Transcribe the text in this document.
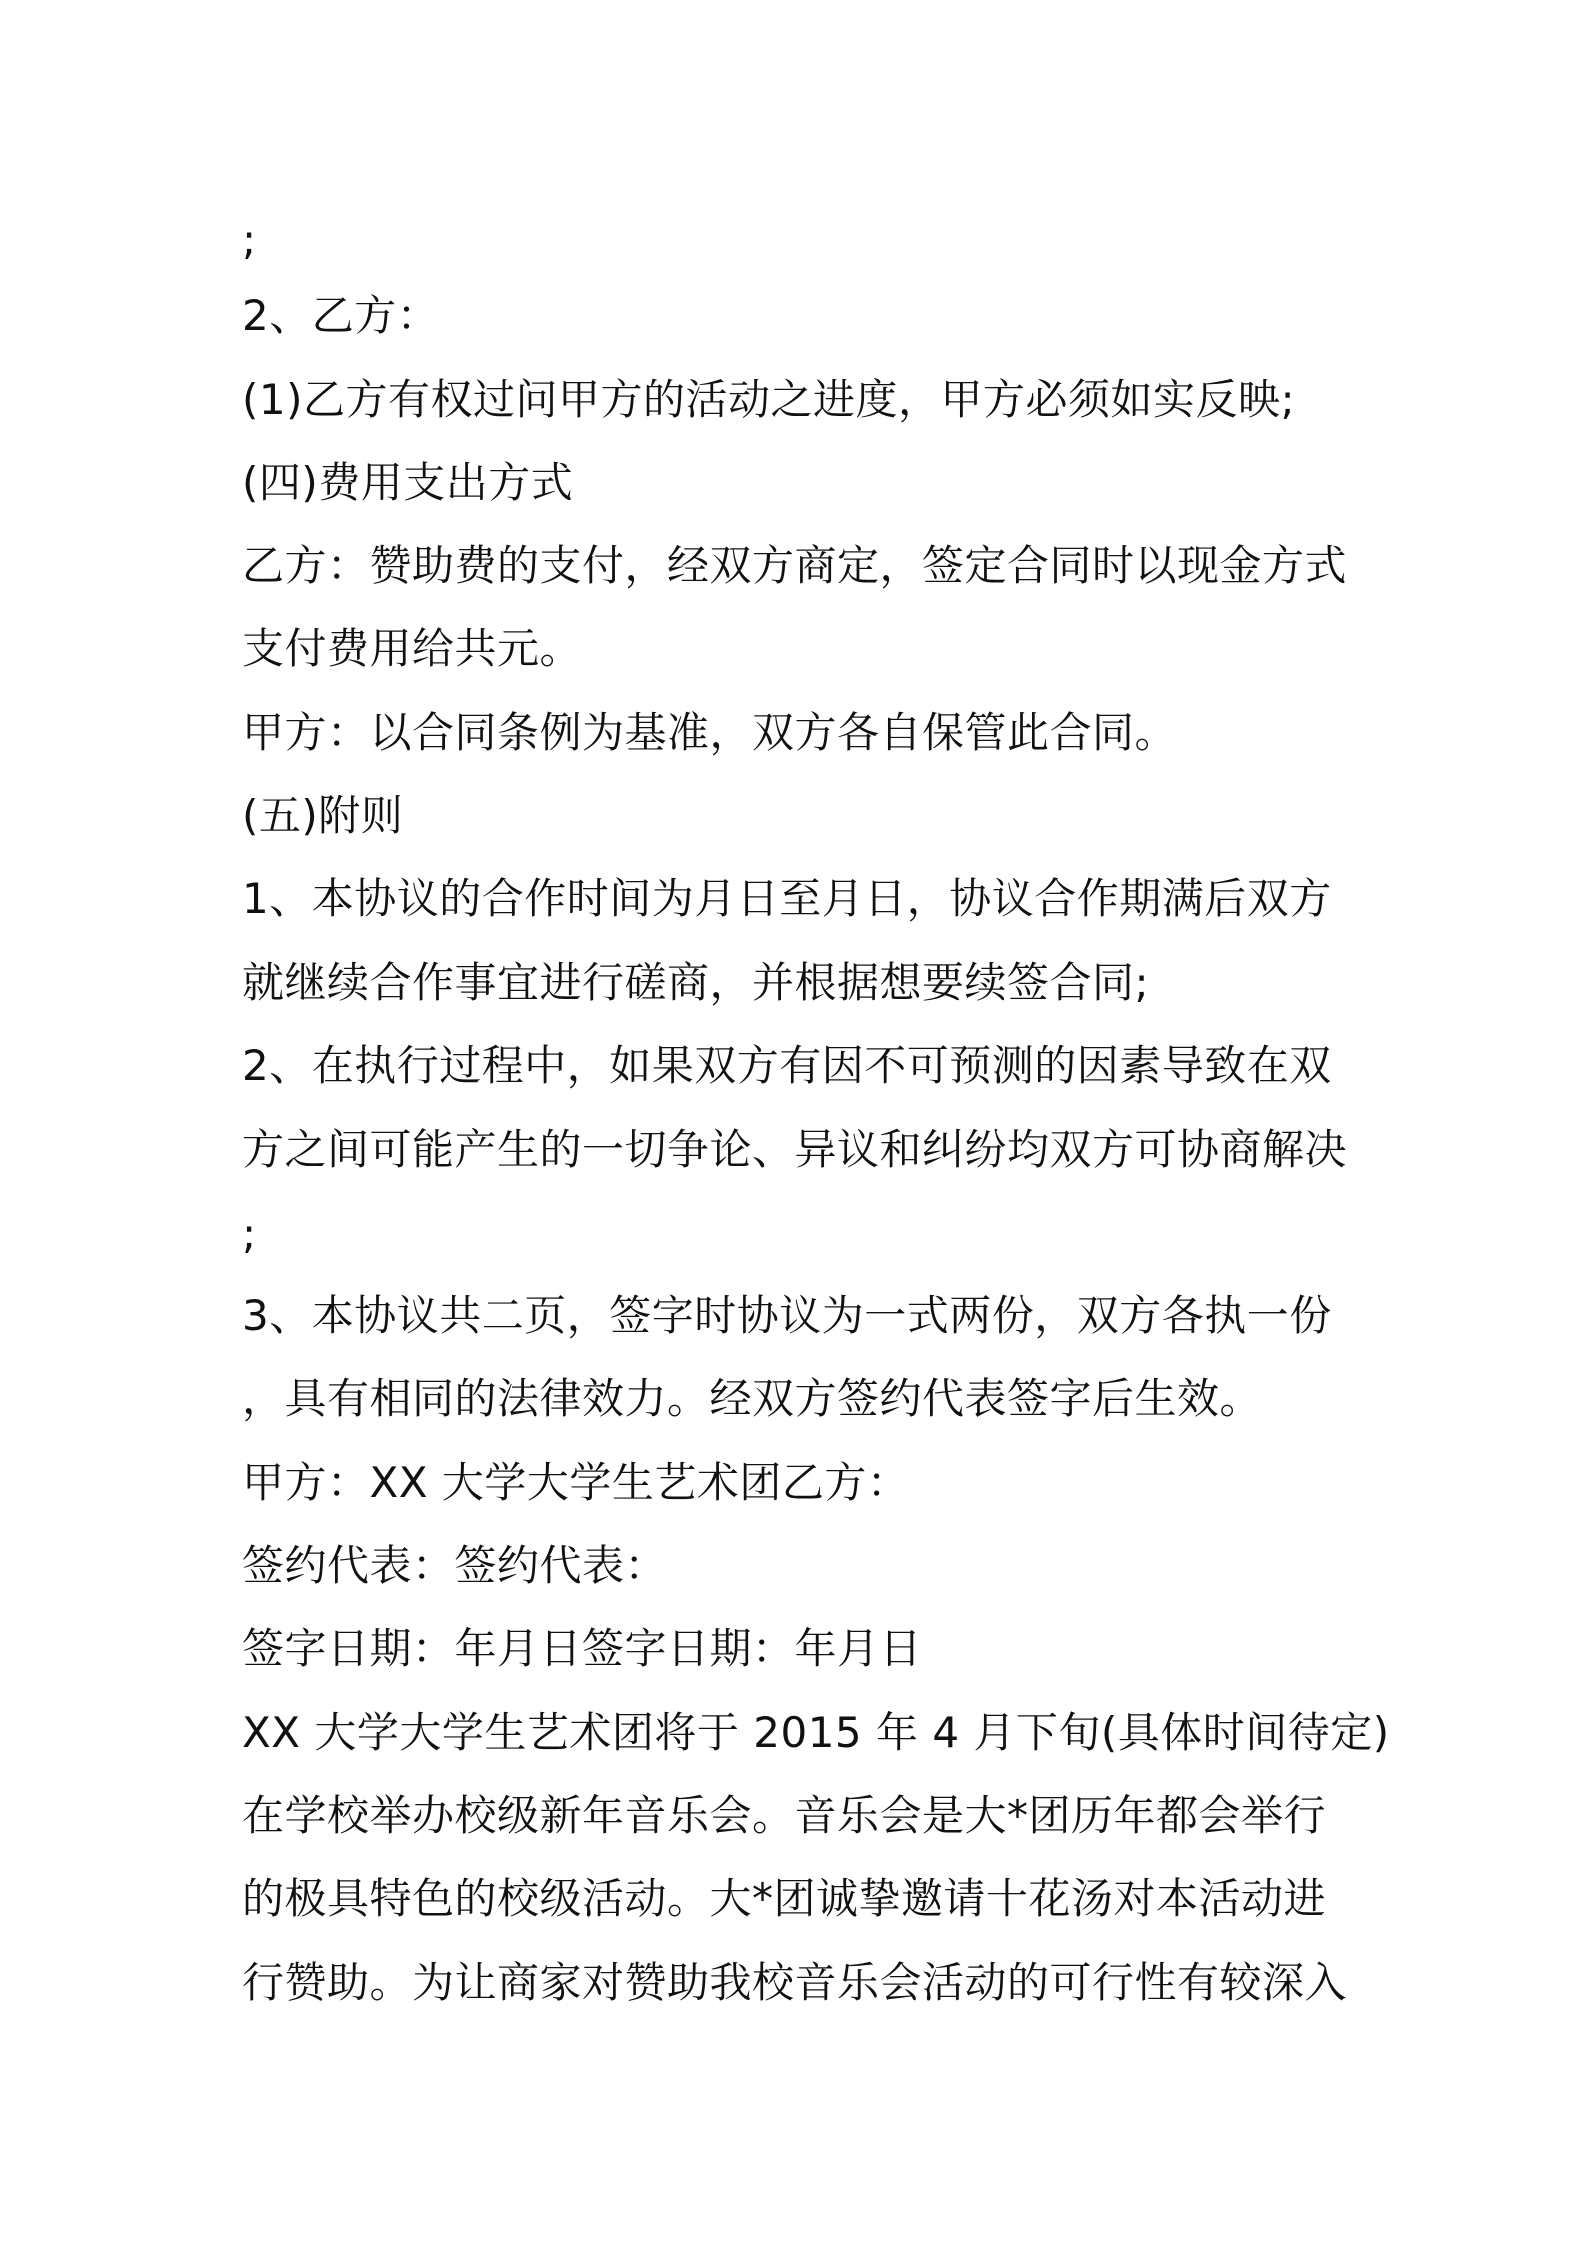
;
2、乙方：
(1)乙方有权过问甲方的活动之进度，甲方必须如实反映;
(四)费用支出方式
乙方：赞助费的支付，经双方商定，签定合同时以现金方式
支付费用给共元。
甲方：以合同条例为基准，双方各自保管此合同。
(五)附则
1、本协议的合作时间为月日至月日，协议合作期满后双方
就继续合作事宜进行磋商，并根据想要续签合同;
2、在执行过程中，如果双方有因不可预测的因素导致在双
方之间可能产生的一切争论、异议和纠纷均双方可协商解决
;
3、本协议共二页，签字时协议为一式两份，双方各执一份
，具有相同的法律效力。经双方签约代表签字后生效。
甲方：XX 大学大学生艺术团乙方：
签约代表：签约代表：
签字日期：年月日签字日期：年月日
XX 大学大学生艺术团将于 2015 年 4 月下旬(具体时间待定)
在学校举办校级新年音乐会。音乐会是大*团历年都会举行
的极具特色的校级活动。大*团诚挚邀请十花汤对本活动进
行赞助。为让商家对赞助我校音乐会活动的可行性有较深入
